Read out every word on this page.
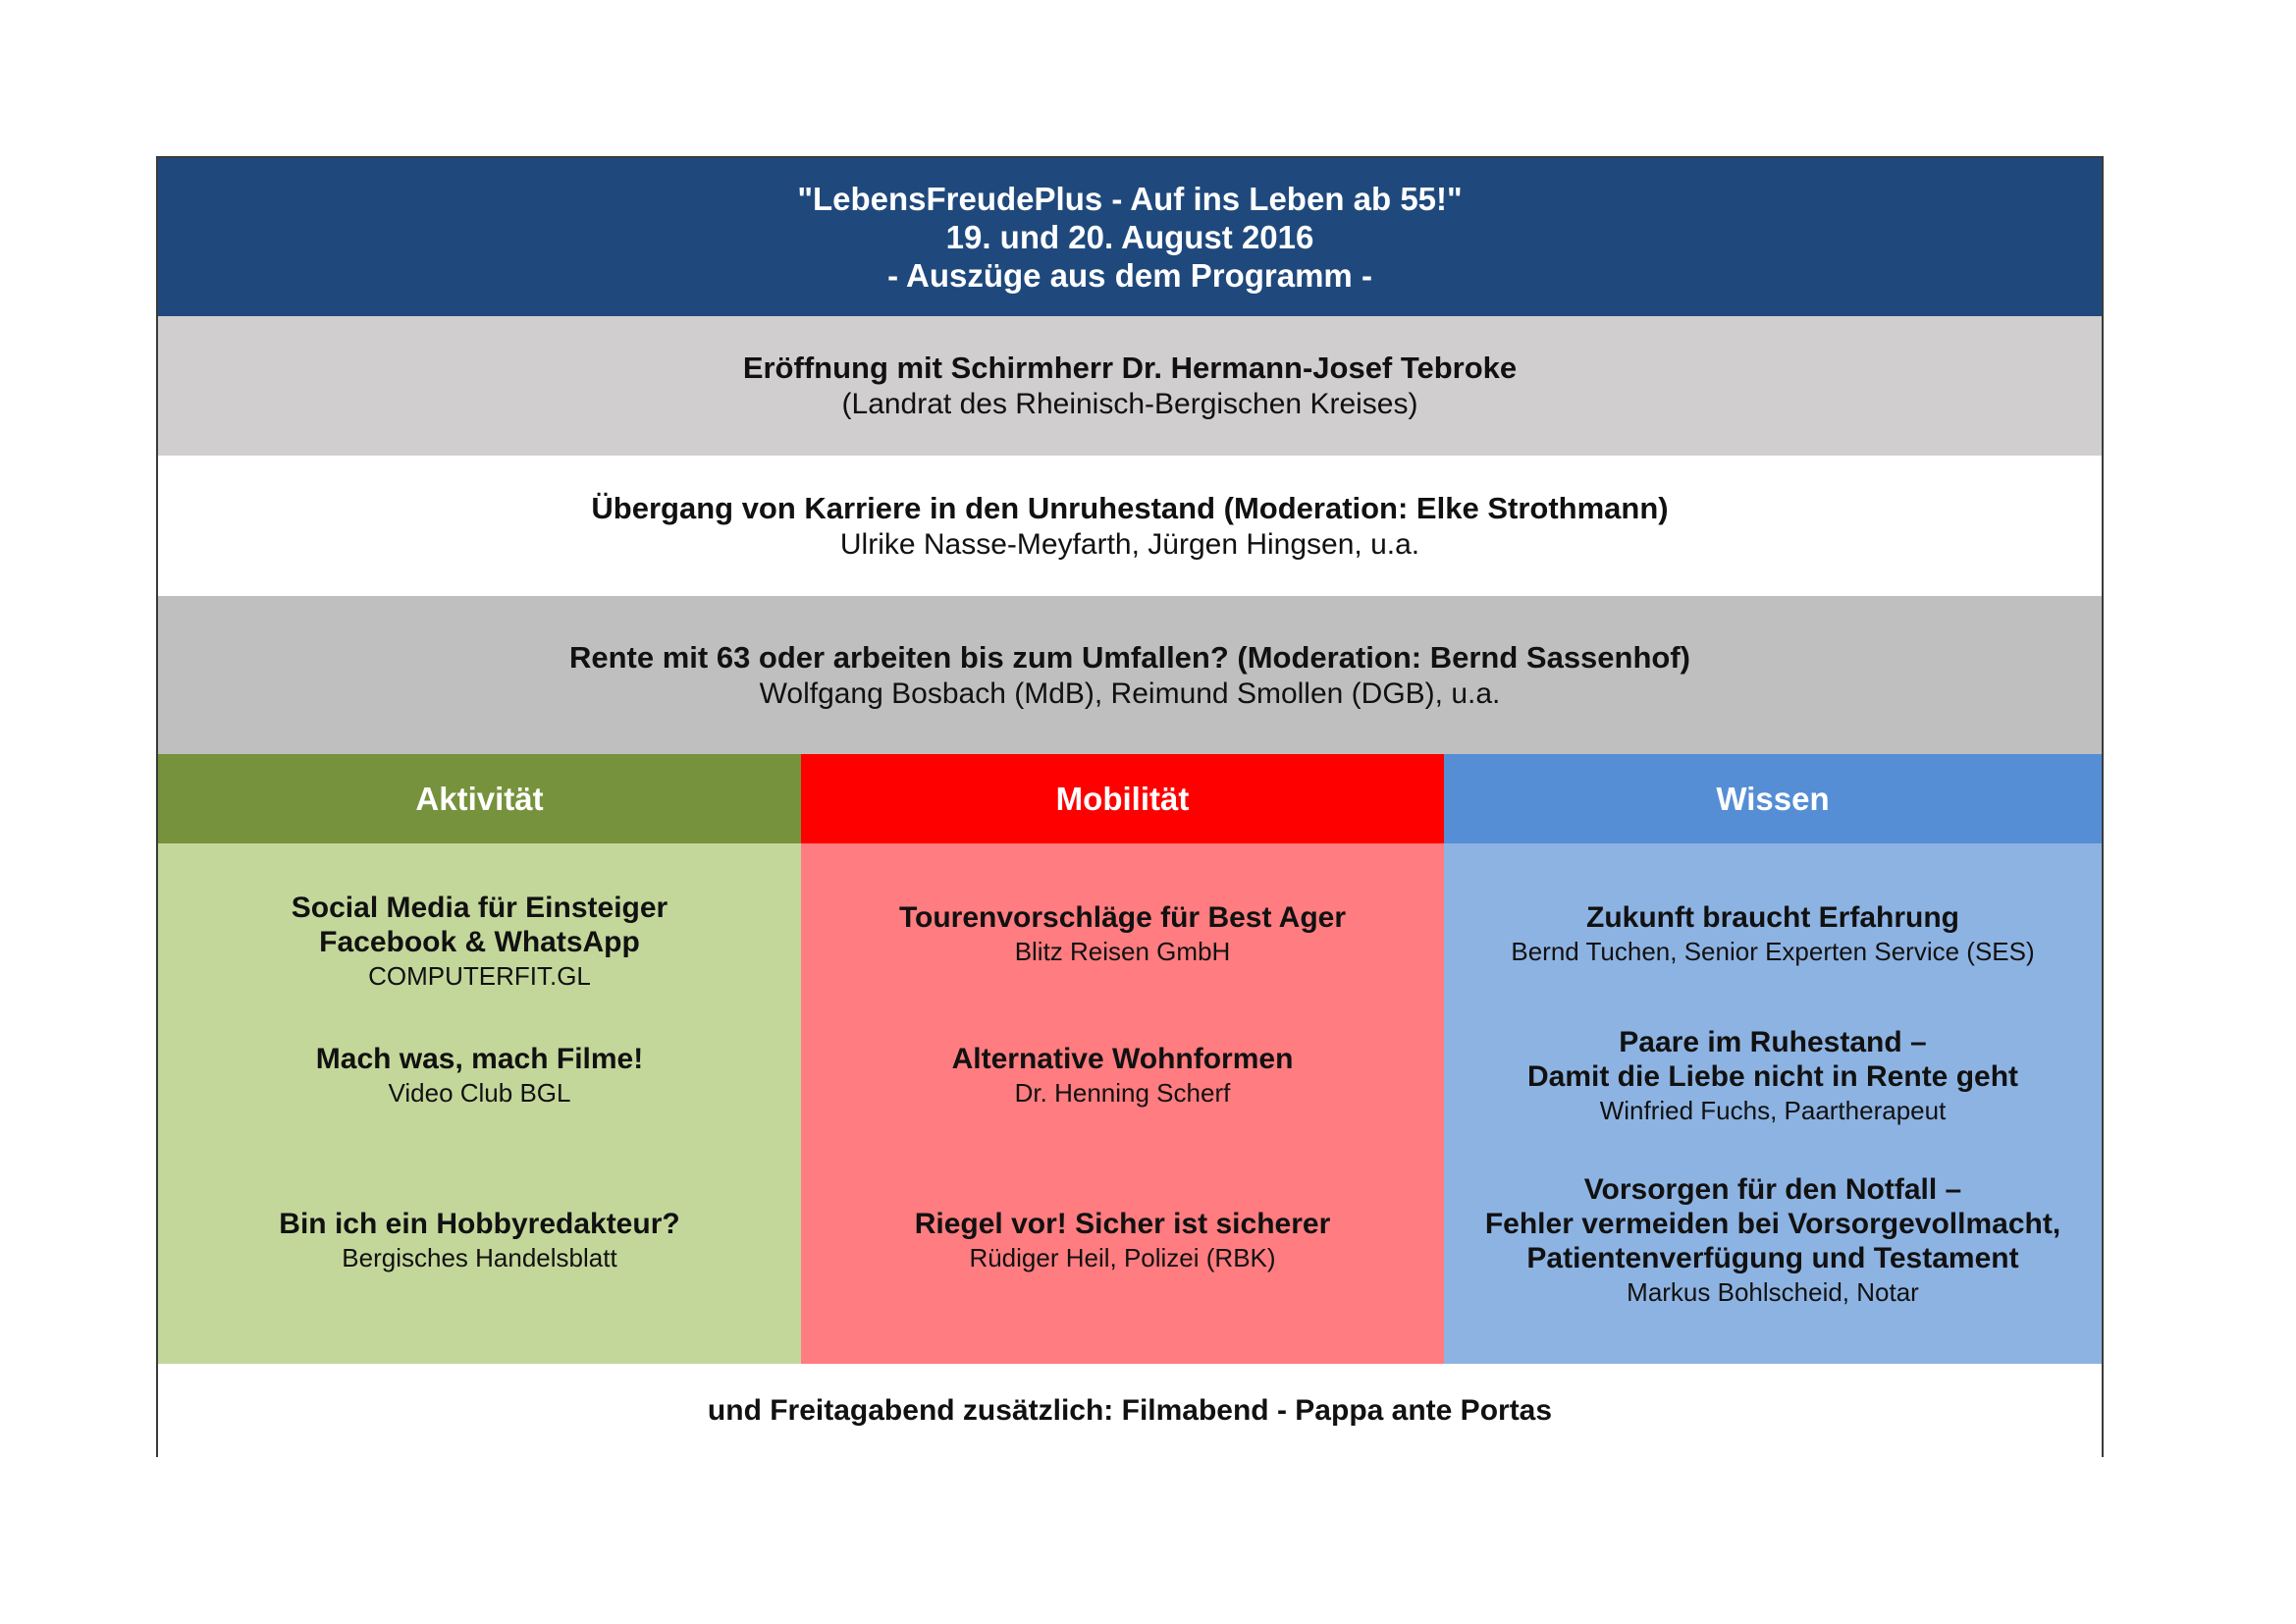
"LebensFreudePlus - Auf ins Leben ab 55!"
19. und 20. August 2016
- Auszüge aus dem Programm -
Eröffnung mit Schirmherr Dr. Hermann-Josef Tebroke
(Landrat des Rheinisch-Bergischen Kreises)
Übergang von Karriere in den Unruhestand (Moderation: Elke Strothmann)
Ulrike Nasse-Meyfarth, Jürgen Hingsen, u.a.
Rente mit 63 oder arbeiten bis zum Umfallen? (Moderation: Bernd Sassenhof)
Wolfgang Bosbach (MdB), Reimund Smollen (DGB), u.a.
Aktivität	Mobilität	Wissen
Social Media für Einsteiger
Facebook & WhatsApp
COMPUTERFIT.GL
Mach was, mach Filme!
Video Club BGL
Bin ich ein Hobbyredakteur?
Bergisches Handelsblatt
Tourenvorschläge für Best Ager
Blitz Reisen GmbH
Alternative Wohnformen
Dr. Henning Scherf
Riegel vor! Sicher ist sicherer
Rüdiger Heil, Polizei (RBK)
Zukunft braucht Erfahrung
Bernd Tuchen, Senior Experten Service (SES)
Paare im Ruhestand –
Damit die Liebe nicht in Rente geht
Winfried Fuchs, Paartherapeut
Vorsorgen für den Notfall –
Fehler vermeiden bei Vorsorgevollmacht,
Patientenverfügung und Testament
Markus Bohlscheid, Notar
und Freitagabend zusätzlich: Filmabend - Pappa ante Portas
